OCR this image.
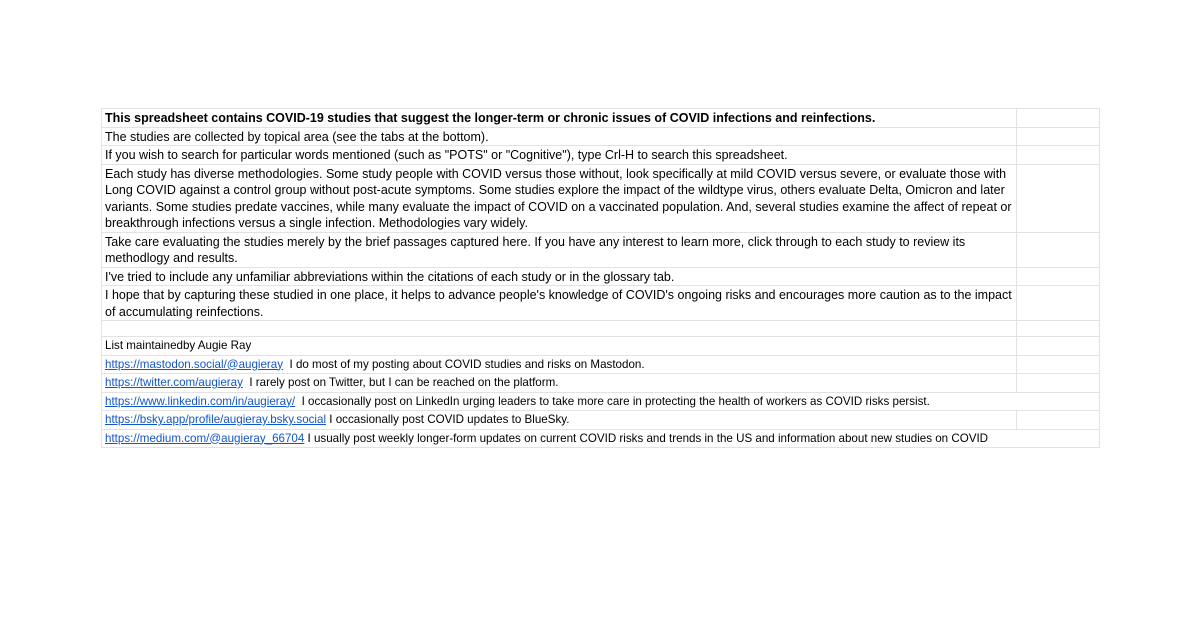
This spreadsheet contains COVID-19 studies that suggest the longer-term or chronic issues of COVID infections and reinfections.	
The studies are collected by topical area (see the tabs at the bottom).	
If you wish to search for particular words mentioned (such as "POTS" or "Cognitive"), type Crl-H to search this spreadsheet.	
Each study has diverse methodologies. Some study people with COVID versus those without, look specifically at mild COVID versus severe, or evaluate those with Long COVID against a control group without post-acute symptoms. Some studies explore the impact of the wildtype virus, others evaluate Delta, Omicron and later variants. Some studies predate vaccines, while many evaluate the impact of COVID on a vaccinated population. And, several studies examine the affect of repeat or breakthrough infections versus a single infection. Methodologies vary widely.	
Take care evaluating the studies merely by the brief passages captured here. If you have any interest to learn more, click through to each study to review its methodlogy and results.	
I've tried to include any unfamiliar abbreviations within the citations of each study or in the glossary tab.	
I hope that by capturing these studied in one place, it helps to advance people's knowledge of COVID's ongoing risks and encourages more caution as to the impact of accumulating reinfections.	

List maintainedby Augie Ray	
https://mastodon.social/@augieray I do most of my posting about COVID studies and risks on Mastodon.	
https://twitter.com/augieray I rarely post on Twitter, but I can be reached on the platform.	
https://www.linkedin.com/in/augieray/ I occasionally post on LinkedIn urging leaders to take more care in protecting the health of workers as COVID risks persist.	
https://bsky.app/profile/augieray.bsky.social I occasionally post COVID updates to BlueSky.	
https://medium.com/@augieray_66704 I usually post weekly longer-form updates on current COVID risks and trends in the US and information about new studies on COVID	
